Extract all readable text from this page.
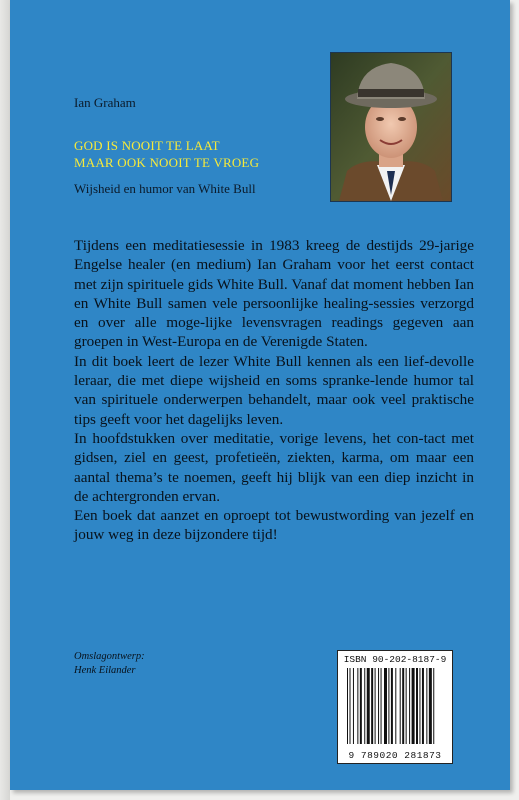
Ian Graham
GOD IS NOOIT TE LAAT
MAAR OOK NOOIT TE VROEG
Wijsheid en humor van White Bull

Tijdens een meditatiesessie in 1983 kreeg de destijds 29-jarige Engelse healer (en medium) Ian Graham voor het eerst contact met zijn spirituele gids White Bull. Vanaf dat moment hebben Ian en White Bull samen vele persoonlijke healing-sessies verzorgd en over alle moge-lijke levensvragen readings gegeven aan groepen in West-Europa en de Verenigde Staten.

In dit boek leert de lezer White Bull kennen als een lief-devolle leraar, die met diepe wijsheid en soms spranke-lende humor tal van spirituele onderwerpen behandelt, maar ook veel praktische tips geeft voor het dagelijks leven.

In hoofdstukken over meditatie, vorige levens, het con-tact met gidsen, ziel en geest, profetieën, ziekten, karma, om maar een aantal thema’s te noemen, geeft hij blijk van een diep inzicht in de achtergronden ervan.

Een boek dat aanzet en oproept tot bewustwording van jezelf en jouw weg in deze bijzondere tijd!

Omslagontwerp:
Henk Eilander
ISBN 90-202-8187-9
9 789020 281873
